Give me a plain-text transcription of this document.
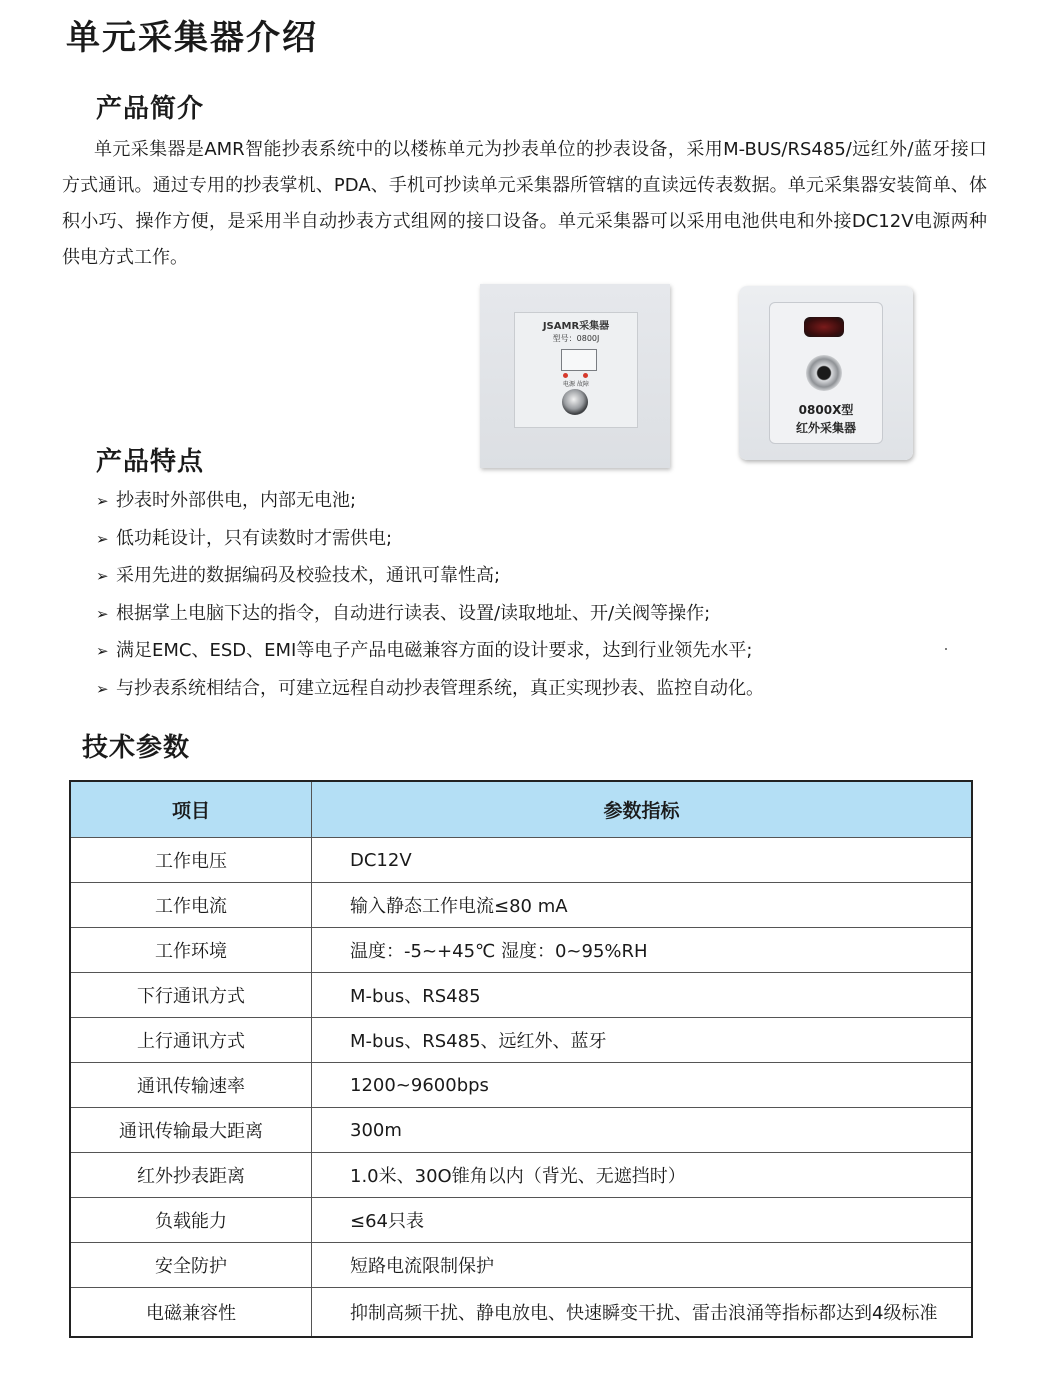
单元采集器介绍
产品简介

单元采集器是AMR智能抄表系统中的以楼栋单元为抄表单位的抄表设备，采用M-BUS/RS485/远红外/蓝牙接口方式通讯。通过专用的抄表掌机、PDA、手机可抄读单元采集器所管辖的直读远传表数据。单元采集器安装简单、体积小巧、操作方便，是采用半自动抄表方式组网的接口设备。单元采集器可以采用电池供电和外接DC12V电源两种供电方式工作。

JSAMR采集器
型号：0800J
电源 故障
0800X型
红外采集器
产品特点
➢ 抄表时外部供电，内部无电池;
➢ 低功耗设计，只有读数时才需供电;
➢ 采用先进的数据编码及校验技术，通讯可靠性高;
➢ 根据掌上电脑下达的指令，自动进行读表、设置/读取地址、开/关阀等操作;
➢ 满足EMC、ESD、EMI等电子产品电磁兼容方面的设计要求，达到行业领先水平;
➢ 与抄表系统相结合，可建立远程自动抄表管理系统，真正实现抄表、监控自动化。
技术参数
项目	参数指标
工作电压	DC12V
工作电流	输入静态工作电流≤80 mA
工作环境	温度：-5~+45℃ 湿度：0~95%RH
下行通讯方式	M-bus、RS485
上行通讯方式	M-bus、RS485、远红外、蓝牙
通讯传输速率	1200~9600bps
通讯传输最大距离	300m
红外抄表距离	1.0米、30O锥角以内（背光、无遮挡时）
负载能力	≤64只表
安全防护	短路电流限制保护
电磁兼容性	抑制高频干扰、静电放电、快速瞬变干扰、雷击浪涌等指标都达到4级标准
